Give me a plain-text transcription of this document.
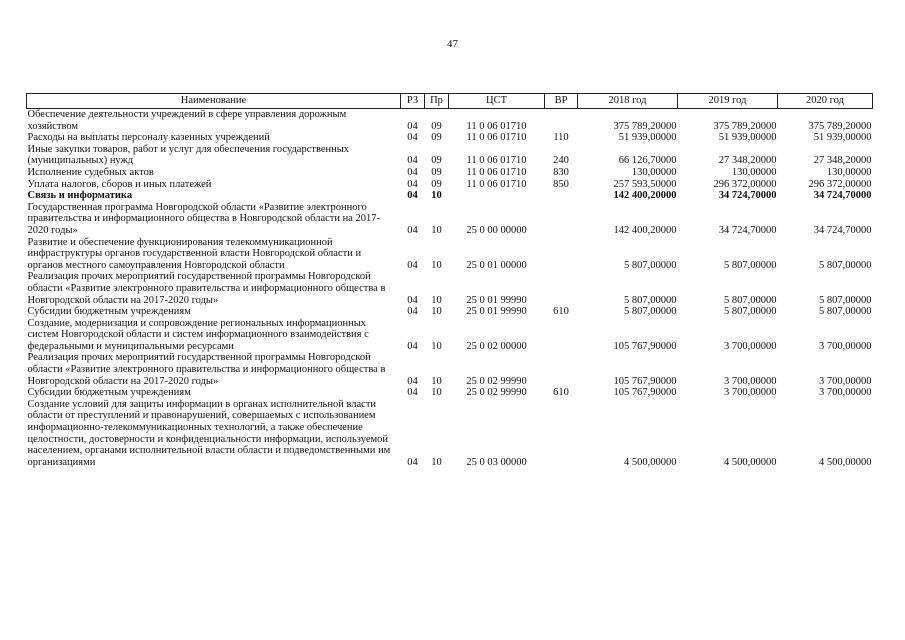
47
Наименование	РЗ	Пр	ЦСТ	ВР	2018 год	2019 год	2020 год
Обеспечение деятельности учреждений в сфере управления дорожным хозяйством	04	09	11 0 06 01710		375 789,20000	375 789,20000	375 789,20000
Расходы на выплаты персоналу казенных учреждений	04	09	11 0 06 01710	110	51 939,00000	51 939,00000	51 939,00000
Иные закупки товаров, работ и услуг для обеспечения государственных (муниципальных) нужд	04	09	11 0 06 01710	240	66 126,70000	27 348,20000	27 348,20000
Исполнение судебных актов	04	09	11 0 06 01710	830	130,00000	130,00000	130,00000
Уплата налогов, сборов и иных платежей	04	09	11 0 06 01710	850	257 593,50000	296 372,00000	296 372,00000
Связь и информатика	04	10			142 400,20000	34 724,70000	34 724,70000
Государственная программа Новгородской области «Развитие электронного правительства и информационного общества в Новгородской области на 2017-2020 годы»	04	10	25 0 00 00000		142 400,20000	34 724,70000	34 724,70000
Развитие и обеспечение функционирования телекоммуникационной инфраструктуры органов государственной власти Новгородской области и органов местного самоуправления Новгородской области	04	10	25 0 01 00000		5 807,00000	5 807,00000	5 807,00000
Реализация прочих мероприятий государственной программы Новгородской области «Развитие электронного правительства и информационного общества в Новгородской области на 2017-2020 годы»	04	10	25 0 01 99990		5 807,00000	5 807,00000	5 807,00000
Субсидии бюджетным учреждениям	04	10	25 0 01 99990	610	5 807,00000	5 807,00000	5 807,00000
Создание, модернизация и сопровождение региональных информационных систем Новгородской области и систем информационного взаимодействия с федеральными и муниципальными ресурсами	04	10	25 0 02 00000		105 767,90000	3 700,00000	3 700,00000
Реализация прочих мероприятий государственной программы Новгородской области «Развитие электронного правительства и информационного общества в Новгородской области на 2017-2020 годы»	04	10	25 0 02 99990		105 767,90000	3 700,00000	3 700,00000
Субсидии бюджетным учреждениям	04	10	25 0 02 99990	610	105 767,90000	3 700,00000	3 700,00000
Создание условий для защиты информации в органах исполнительной власти области от преступлений и правонарушений, совершаемых с использованием информационно-телекоммуникационных технологий, а также обеспечение целостности, достоверности и конфиденциальности информации, используемой населением, органами исполнительной власти области и подведомственными им организациями	04	10	25 0 03 00000		4 500,00000	4 500,00000	4 500,00000
